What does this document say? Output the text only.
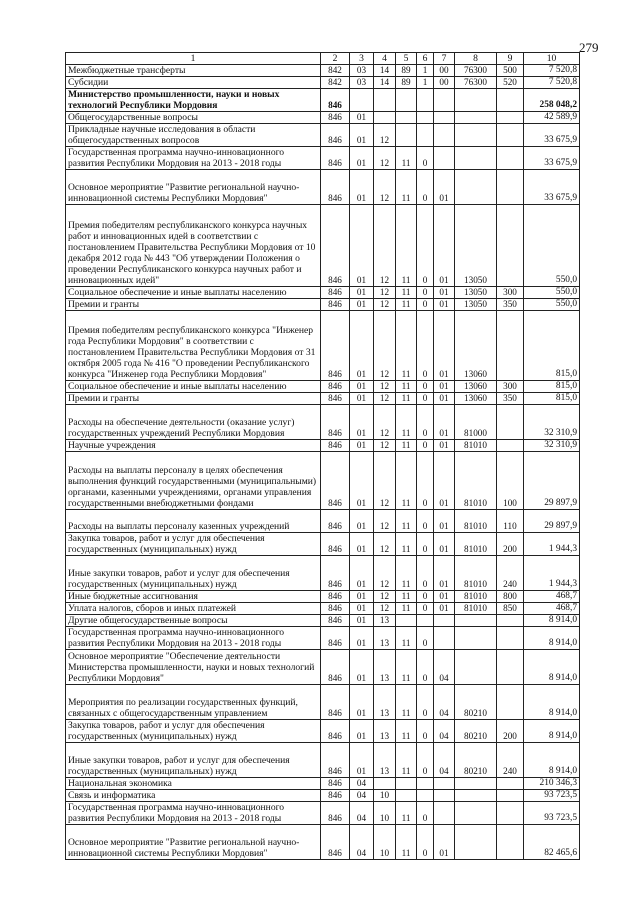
279
1	2	3	4	5	6	7	8	9	10
Межбюджетные трансферты	842	03	14	89	1	00	76300	500	7 520,8
Субсидии	842	03	14	89	1	00	76300	520	7 520,8
Министерство промышленности, науки и новых технологий Республики Мордовия	846								258 048,2
Общегосударственные вопросы	846	01							42 589,9
Прикладные научные исследования в области общегосударственных вопросов	846	01	12						33 675,9
Государственная программа научно-инновационного развития Республики Мордовия на 2013 - 2018 годы	846	01	12	11	0				33 675,9
Основное мероприятие "Развитие региональной научно-инновационной системы Республики Мордовия"	846	01	12	11	0	01			33 675,9
Премия победителям республиканского конкурса научных работ и инновационных идей в соответствии с постановлением Правительства Республики Мордовия от 10 декабря 2012 года № 443 "Об утверждении Положения о проведении Республиканского конкурса научных работ и инновационных идей"	846	01	12	11	0	01	13050		550,0
Социальное обеспечение и иные выплаты населению	846	01	12	11	0	01	13050	300	550,0
Премии и гранты	846	01	12	11	0	01	13050	350	550,0
Премия победителям республиканского конкурса "Инженер года Республики Мордовия" в соответствии с постановлением Правительства Республики Мордовия от 31 октября 2005 года № 416 "О проведении Республиканского конкурса "Инженер года Республики Мордовия"	846	01	12	11	0	01	13060		815,0
Социальное обеспечение и иные выплаты населению	846	01	12	11	0	01	13060	300	815,0
Премии и гранты	846	01	12	11	0	01	13060	350	815,0
Расходы на обеспечение деятельности (оказание услуг) государственных учреждений Республики Мордовия	846	01	12	11	0	01	81000		32 310,9
Научные учреждения	846	01	12	11	0	01	81010		32 310,9
Расходы на выплаты персоналу в целях обеспечения выполнения функций государственными (муниципальными) органами, казенными учреждениями, органами управления государственными внебюджетными фондами	846	01	12	11	0	01	81010	100	29 897,9
Расходы на выплаты персоналу казенных учреждений	846	01	12	11	0	01	81010	110	29 897,9
Закупка товаров, работ и услуг для обеспечения государственных (муниципальных) нужд	846	01	12	11	0	01	81010	200	1 944,3
Иные закупки товаров, работ и услуг для обеспечения государственных (муниципальных) нужд	846	01	12	11	0	01	81010	240	1 944,3
Иные бюджетные ассигнования	846	01	12	11	0	01	81010	800	468,7
Уплата налогов, сборов и иных платежей	846	01	12	11	0	01	81010	850	468,7
Другие общегосударственные вопросы	846	01	13						8 914,0
Государственная программа научно-инновационного развития Республики Мордовия на 2013 - 2018 годы	846	01	13	11	0				8 914,0
Основное мероприятие "Обеспечение деятельности Министерства промышленности, науки и новых технологий Республики Мордовия"	846	01	13	11	0	04			8 914,0
Мероприятия по реализации государственных функций, связанных с общегосударственным управлением	846	01	13	11	0	04	80210		8 914,0
Закупка товаров, работ и услуг для обеспечения государственных (муниципальных) нужд	846	01	13	11	0	04	80210	200	8 914,0
Иные закупки товаров, работ и услуг для обеспечения государственных (муниципальных) нужд	846	01	13	11	0	04	80210	240	8 914,0
Национальная экономика	846	04							210 346,3
Связь и информатика	846	04	10						93 723,5
Государственная программа научно-инновационного развития Республики Мордовия на 2013 - 2018 годы	846	04	10	11	0				93 723,5
Основное мероприятие "Развитие региональной научно-инновационной системы Республики Мордовия"	846	04	10	11	0	01			82 465,6
